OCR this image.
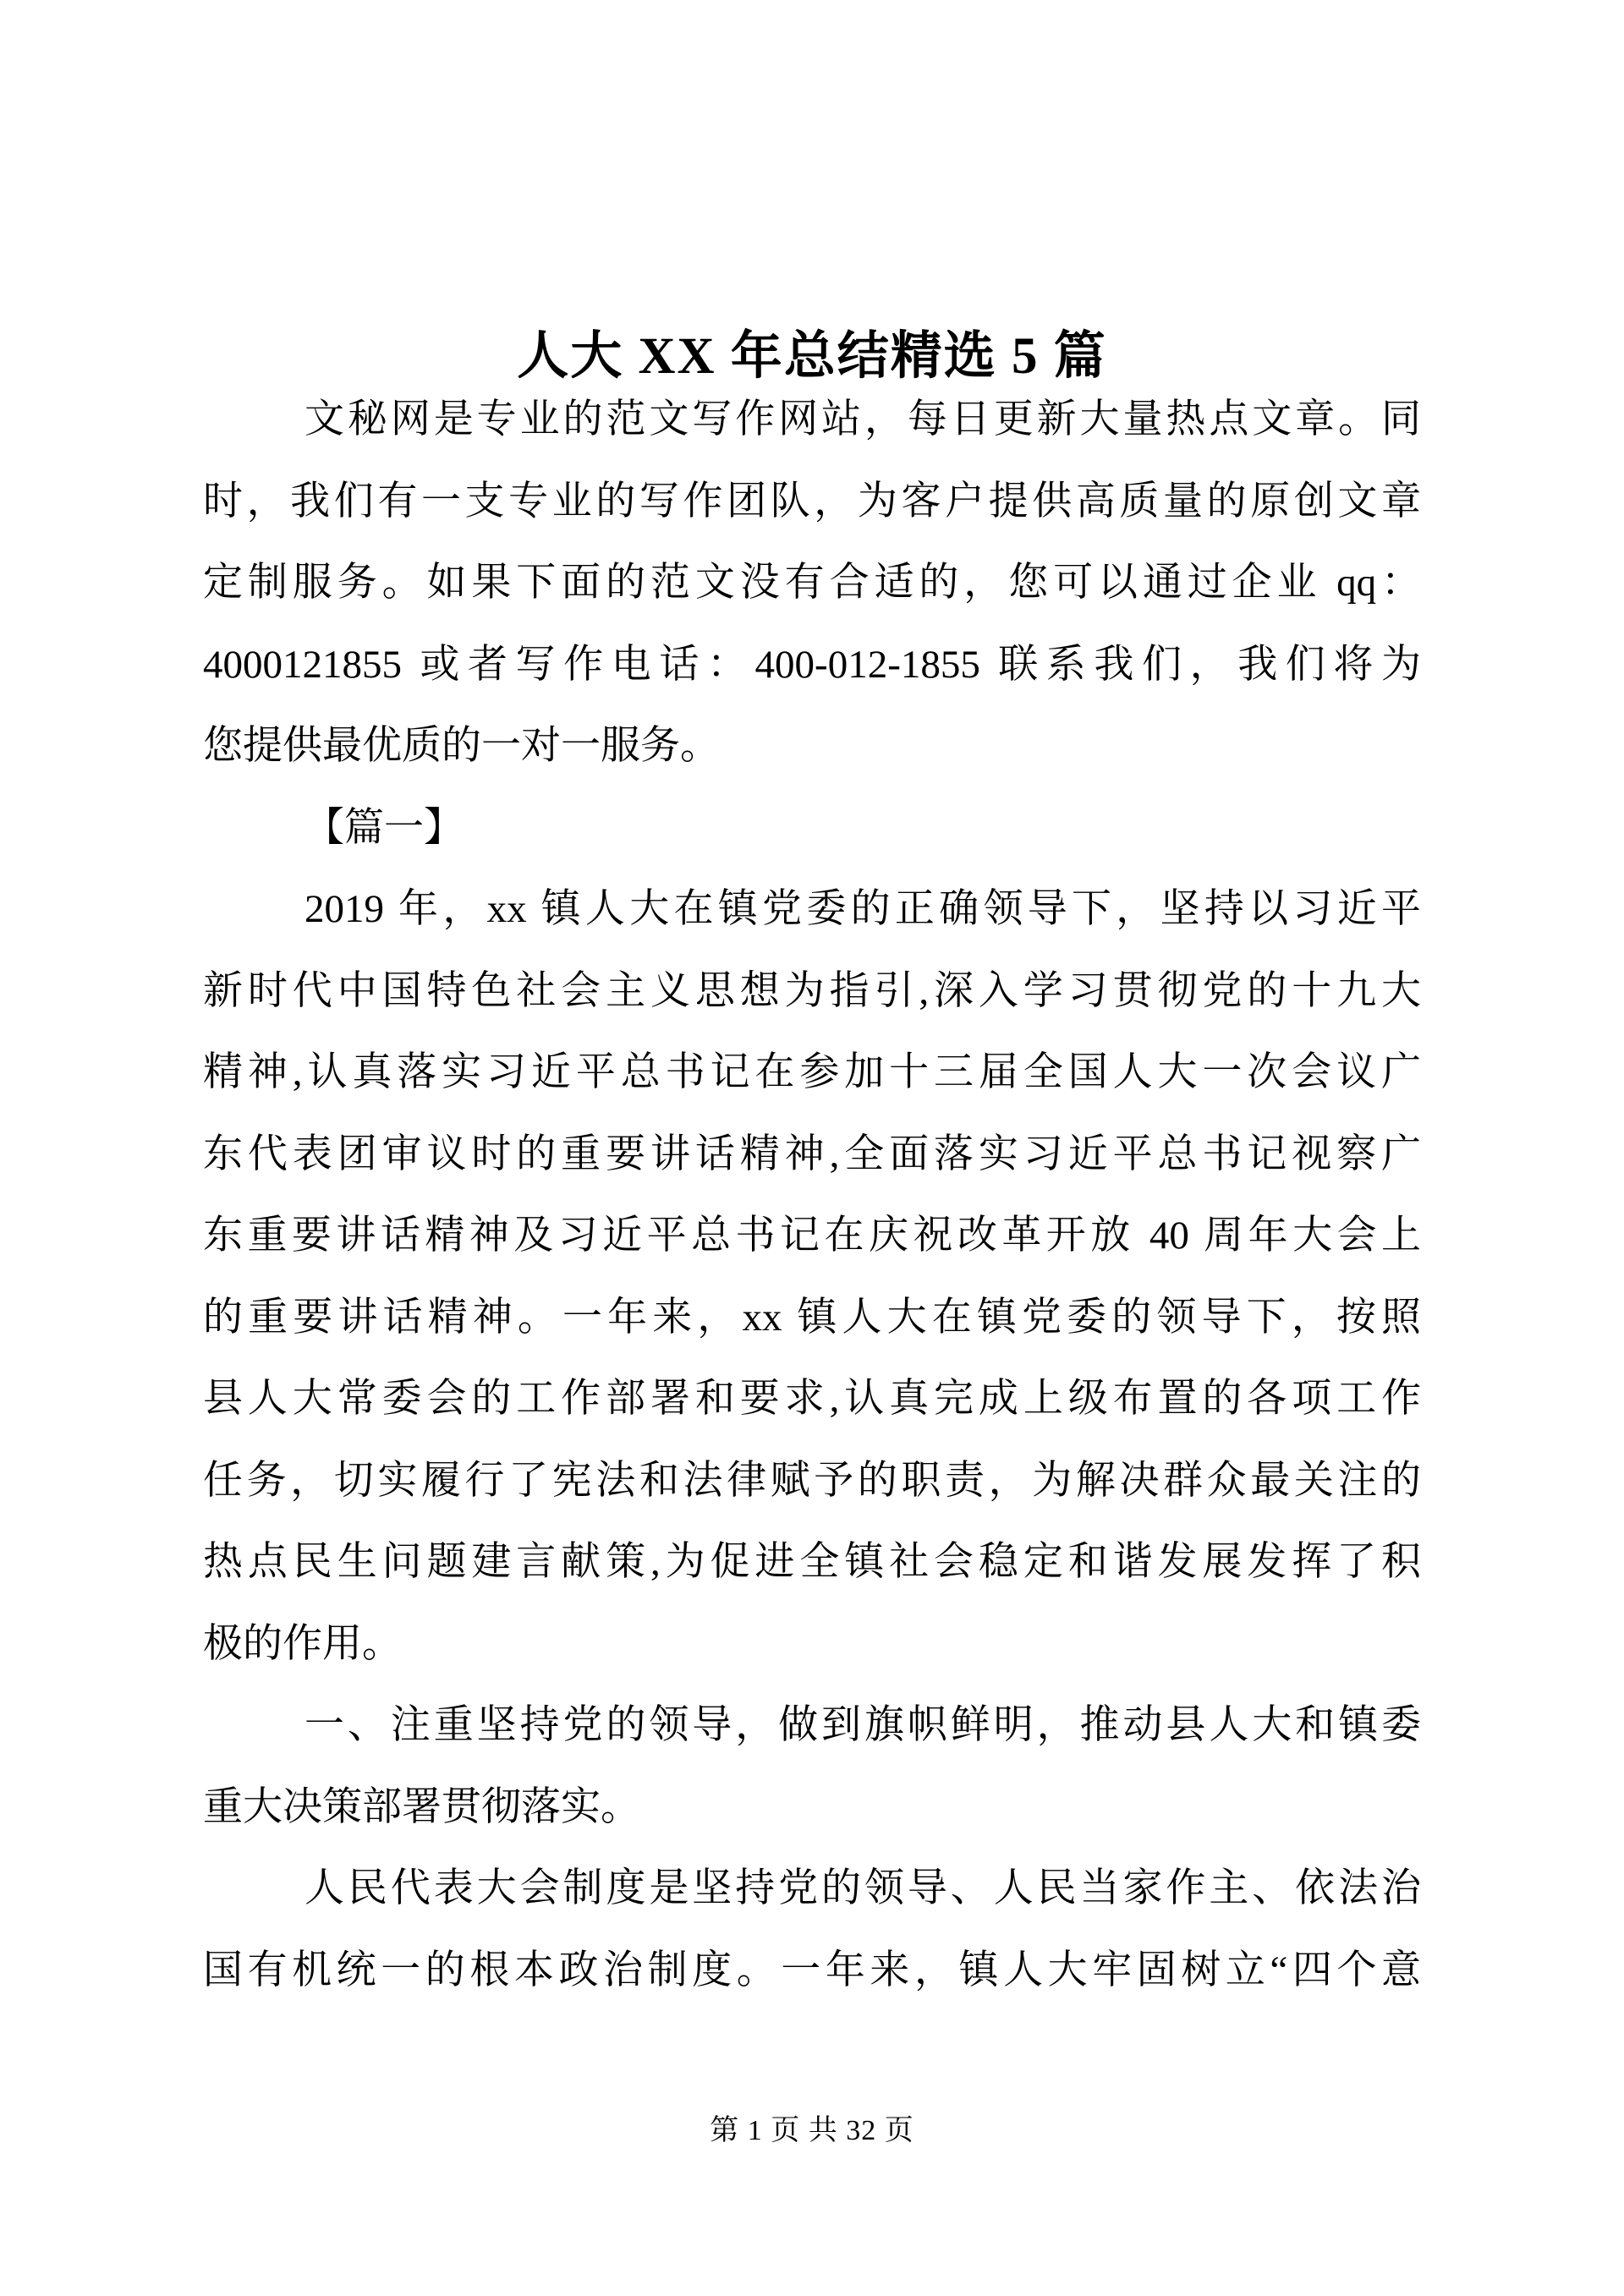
人大 XX 年总结精选 5 篇
文秘网是专业的范文写作网站，每日更新大量热点文章。同
时，我们有一支专业的写作团队，为客户提供高质量的原创文章
定制服务。如果下面的范文没有合适的，您可以通过企业 qq：
4000121855 或者写作电话：400-012-1855 联系我们，我们将为
您提供最优质的一对一服务。
【篇一】
2019 年，xx 镇人大在镇党委的正确领导下，坚持以习近平
新时代中国特色社会主义思想为指引,深入学习贯彻党的十九大
精神,认真落实习近平总书记在参加十三届全国人大一次会议广
东代表团审议时的重要讲话精神,全面落实习近平总书记视察广
东重要讲话精神及习近平总书记在庆祝改革开放 40 周年大会上
的重要讲话精神。一年来，xx 镇人大在镇党委的领导下，按照
县人大常委会的工作部署和要求,认真完成上级布置的各项工作
任务，切实履行了宪法和法律赋予的职责，为解决群众最关注的
热点民生问题建言献策,为促进全镇社会稳定和谐发展发挥了积
极的作用。
一、注重坚持党的领导，做到旗帜鲜明，推动县人大和镇委
重大决策部署贯彻落实。
人民代表大会制度是坚持党的领导、人民当家作主、依法治
国有机统一的根本政治制度。一年来，镇人大牢固树立“四个意
第 1 页 共 32 页
